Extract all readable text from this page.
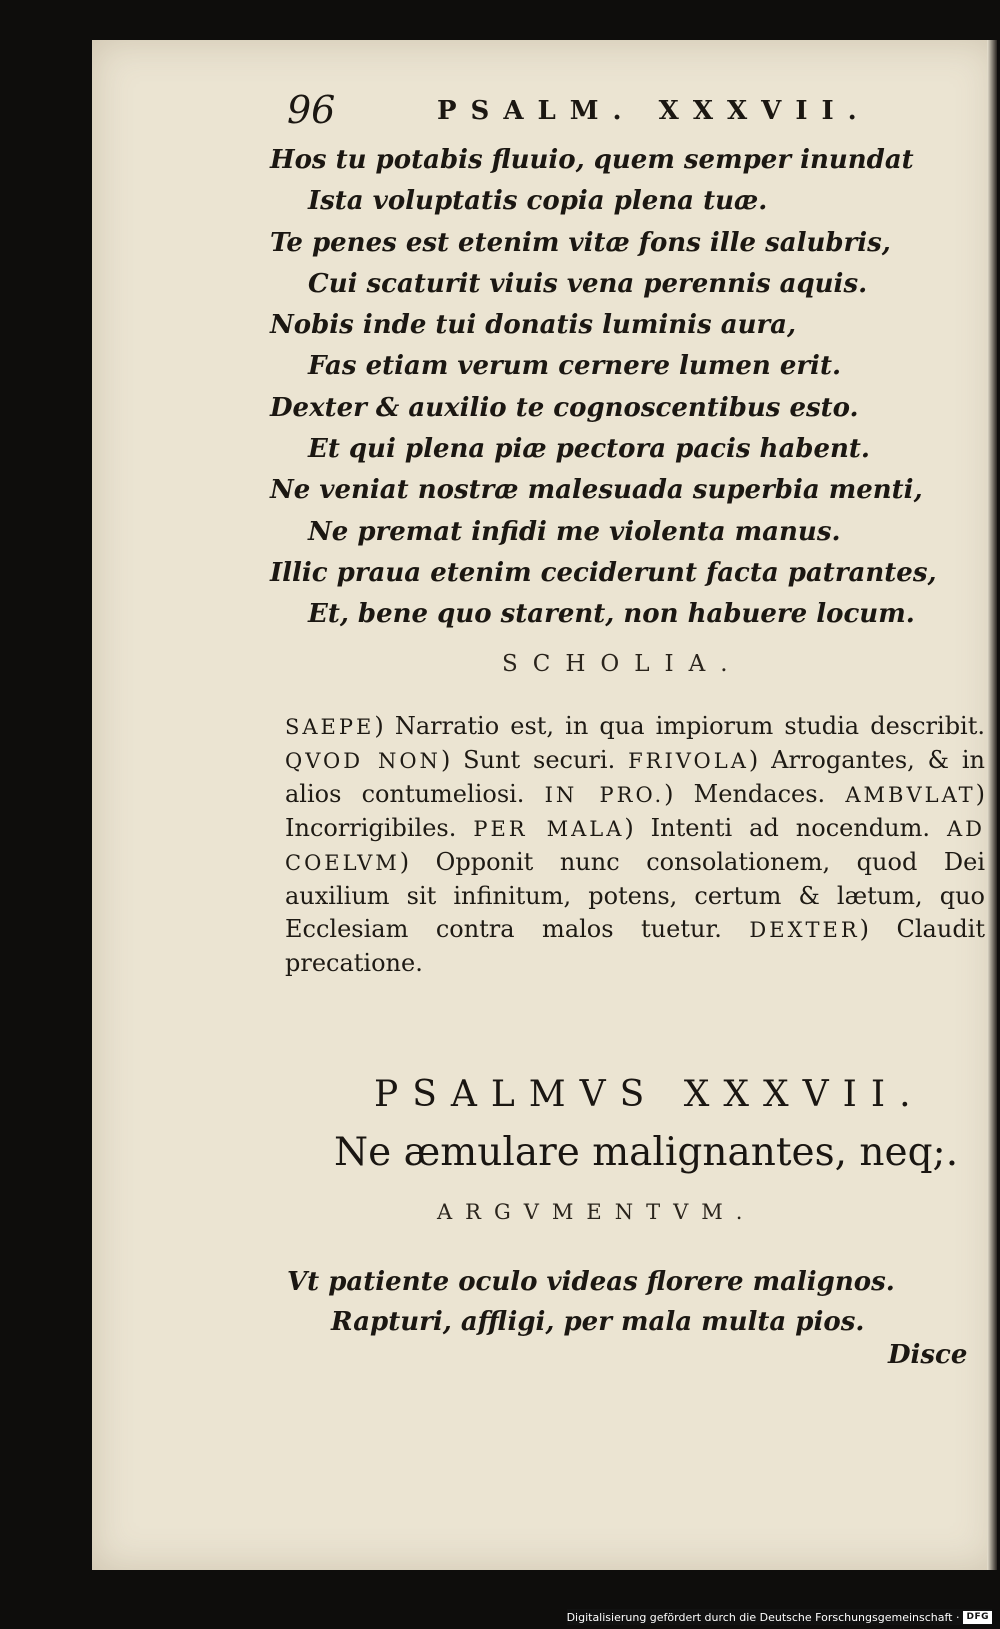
96	PSALM. XXXVII.
Hos tu potabis fluuio, quem semper inundat
Ista voluptatis copia plena tuæ.
Te penes est etenim vitæ fons ille salubris,
Cui scaturit viuis vena perennis aquis.
Nobis inde tui donatis luminis aura,
Fas etiam verum cernere lumen erit.
Dexter & auxilio te cognoscentibus esto.
Et qui plena piæ pectora pacis habent.
Ne veniat nostræ malesuada superbia menti,
Ne premat infidi me violenta manus.
Illic praua etenim ceciderunt facta patrantes,
Et, bene quo starent, non habuere locum.
SCHOLIA.
SAEPE) Narratio est, in qua impiorum studia describit. QVOD NON) Sunt securi. FRIVOLA) Arrogantes, & in alios contumeliosi. IN PRO.) Mendaces. AMBVLAT) Incorrigibiles. PER MALA) Intenti ad nocendum. AD COELVM) Opponit nunc consolationem, quod Dei auxilium sit infinitum, potens, certum & lætum, quo Ecclesiam contra malos tuetur. DEXTER) Claudit precatione.
PSALMVS XXXVII.
Ne æmulare malignantes, neq;.
ARGVMENTVM.
Vt patiente oculo videas florere malignos.
Rapturi, affligi, per mala multa pios.
Disce
Digitalisierung gefördert durch die Deutsche Forschungsgemeinschaft · DFG
